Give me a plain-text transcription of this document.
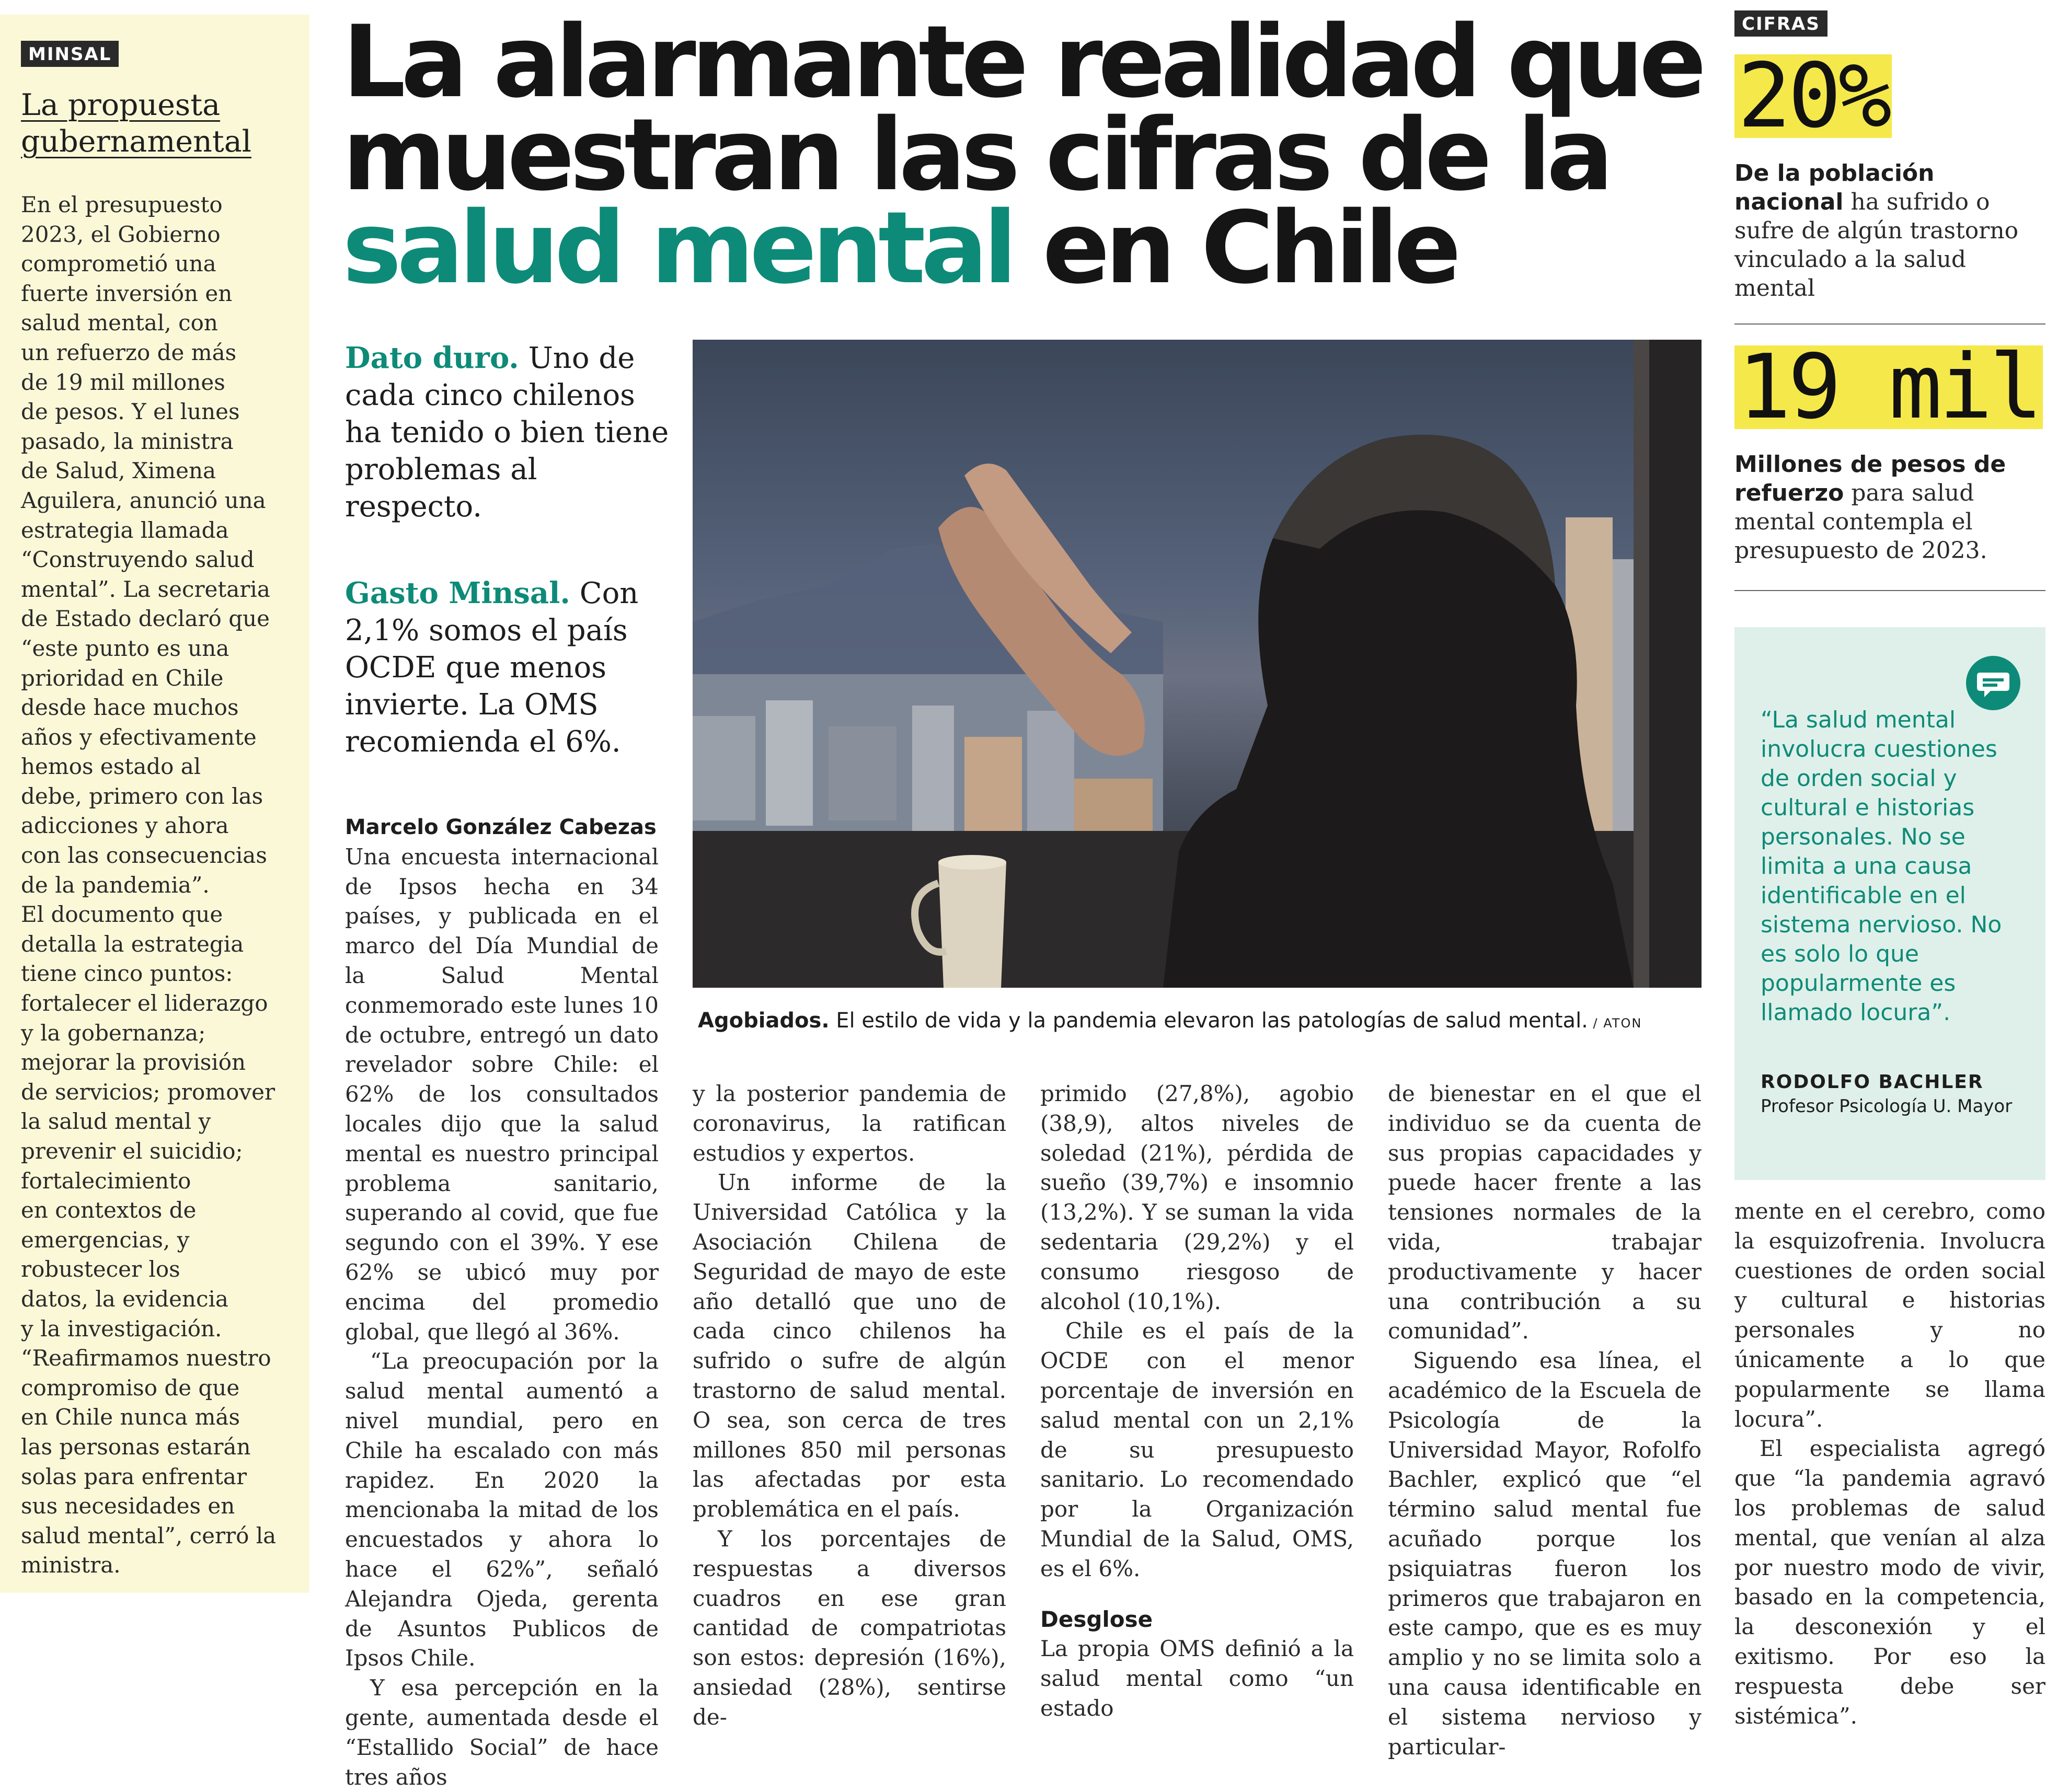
MINSAL
La propuesta
gubernamental
En el presupuesto
2023, el Gobierno
comprometió una
fuerte inversión en
salud mental, con
un refuerzo de más
de 19 mil millones
de pesos. Y el lunes
pasado, la ministra
de Salud, Ximena
Aguilera, anunció una
estrategia llamada
“Construyendo salud
mental”. La secretaria
de Estado declaró que
“este punto es una
prioridad en Chile
desde hace muchos
años y efectivamente
hemos estado al
debe, primero con las
adicciones y ahora
con las consecuencias
de la pandemia”.
El documento que
detalla la estrategia
tiene cinco puntos:
fortalecer el liderazgo
y la gobernanza;
mejorar la provisión
de servicios; promover
la salud mental y
prevenir el suicidio;
fortalecimiento
en contextos de
emergencias, y
robustecer los
datos, la evidencia
y la investigación.
“Reafirmamos nuestro
compromiso de que
en Chile nunca más
las personas estarán
solas para enfrentar
sus necesidades en
salud mental”, cerró la
ministra.
La alarmante realidad que
muestran las cifras de la
salud mental en Chile
Dato duro. Uno de cada cinco chilenos ha tenido o bien tiene problemas al respecto.
Gasto Minsal. Con 2,1% somos el país OCDE que menos invierte. La OMS recomienda el 6%.
Agobiados. El estilo de vida y la pandemia elevaron las patologías de salud mental. / ATON

Marcelo González Cabezas

Una encuesta internacional de Ipsos hecha en 34 países, y publicada en el marco del Día Mundial de la Salud Mental conmemorado este lunes 10 de octubre, entregó un dato revelador sobre Chile: el 62% de los consultados locales dijo que la salud mental es nuestro principal problema sanitario, superando al covid, que fue segundo con el 39%. Y ese 62% se ubicó muy por encima del promedio global, que llegó al 36%.

“La preocupación por la salud mental aumentó a nivel mundial, pero en Chile ha escalado con más rapidez. En 2020 la mencionaba la mitad de los encuestados y ahora lo hace el 62%”, señaló Alejandra Ojeda, gerenta de Asuntos Publicos de Ipsos Chile.

Y esa percepción en la gente, aumentada desde el “Estallido Social” de hace tres años

y la posterior pandemia de coronavirus, la ratifican estudios y expertos.

Un informe de la Universidad Católica y la Asociación Chilena de Seguridad de mayo de este año detalló que uno de cada cinco chilenos ha sufrido o sufre de algún trastorno de salud mental. O sea, son cerca de tres millones 850 mil personas las afectadas por esta problemática en el país.

Y los porcentajes de respuestas a diversos cuadros en ese gran cantidad de compatriotas son estos: depresión (16%), ansiedad (28%), sentirse de-

primido (27,8%), agobio (38,9), altos niveles de soledad (21%), pérdida de sueño (39,7%) e insomnio (13,2%). Y se suman la vida sedentaria (29,2%) y el consumo riesgoso de alcohol (10,1%).

Chile es el país de la OCDE con el menor porcentaje de inversión en salud mental con un 2,1% de su presupuesto sanitario. Lo recomendado por la Organización Mundial de la Salud, OMS, es el 6%.

Desglose

La propia OMS definió a la salud mental como “un estado

de bienestar en el que el individuo se da cuenta de sus propias capacidades y puede hacer frente a las tensiones normales de la vida, trabajar productivamente y hacer una contribución a su comunidad”.

Siguendo esa línea, el académico de la Escuela de Psicología de la Universidad Mayor, Rofolfo Bachler, explicó que “el término salud mental fue acuñado porque los psiquiatras fueron los primeros que trabajaron en este campo, que es es muy amplio y no se limita solo a una causa identificable en el sistema nervioso y particular-

mente en el cerebro, como la esquizofrenia. Involucra cuestiones de orden social y cultural e historias personales y no únicamente a lo que popularmente se llama locura”.

El especialista agregó que “la pandemia agravó los problemas de salud mental, que venían al alza por nuestro modo de vivir, basado en la competencia, la desconexión y el exitismo. Por eso la respuesta debe ser sistémica”.

CIFRAS
20%
De la población nacional ha sufrido o sufre de algún trastorno vinculado a la salud mental
19 mil
Millones de pesos de refuerzo para salud mental contempla el presupuesto de 2023.
“La salud mental involucra cuestiones de orden social y cultural e historias personales. No se limita a una causa identificable en el sistema nervioso. No es solo lo que popularmente es llamado locura”.
RODOLFO BACHLER
Profesor Psicología U. Mayor
